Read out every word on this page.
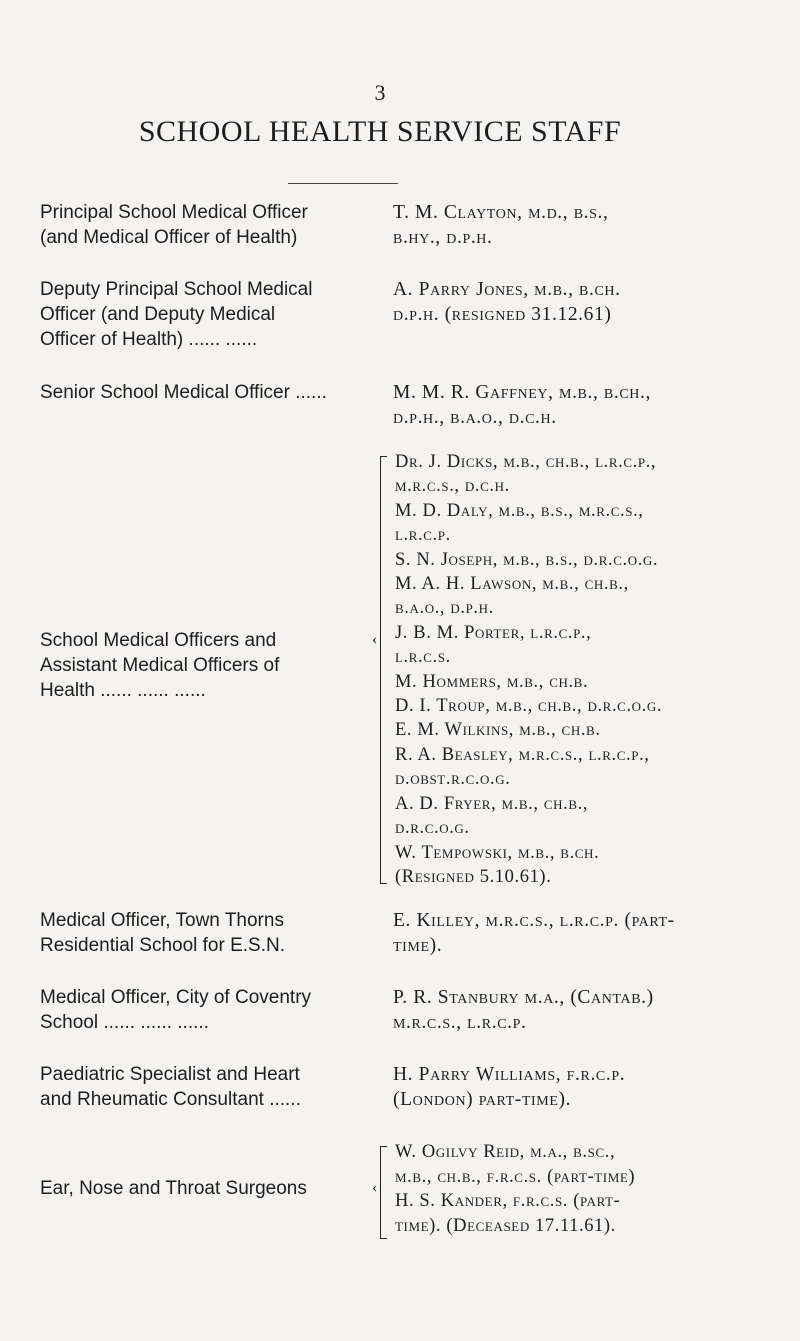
3
SCHOOL HEALTH SERVICE STAFF
Principal School Medical Officer
(and Medical Officer of Health)
T. M. Clayton, m.d., b.s.,
b.hy., d.p.h.
Deputy Principal School Medical
Officer (and Deputy Medical
Officer of Health) ...... ......
A. Parry Jones, m.b., b.ch.
d.p.h. (resigned 31.12.61)
Senior School Medical Officer ......	M. M. R. Gaffney, m.b., b.ch.,
d.p.h., b.a.o., d.c.h.
School Medical Officers and
Assistant Medical Officers of
Health ...... ...... ......
‹
Dr. J. Dicks, m.b., ch.b., l.r.c.p.,
m.r.c.s., d.c.h.
M. D. Daly, m.b., b.s., m.r.c.s.,
l.r.c.p.
S. N. Joseph, m.b., b.s., d.r.c.o.g.
M. A. H. Lawson, m.b., ch.b.,
b.a.o., d.p.h.
J. B. M. Porter, l.r.c.p.,
l.r.c.s.
M. Hommers, m.b., ch.b.
D. I. Troup, m.b., ch.b., d.r.c.o.g.
E. M. Wilkins, m.b., ch.b.
R. A. Beasley, m.r.c.s., l.r.c.p.,
d.obst.r.c.o.g.
A. D. Fryer, m.b., ch.b.,
d.r.c.o.g.
W. Tempowski, m.b., b.ch.
(Resigned 5.10.61).
Medical Officer, Town Thorns
Residential School for E.S.N.
E. Killey, m.r.c.s., l.r.c.p. (part-
time).
Medical Officer, City of Coventry
School ...... ...... ......
P. R. Stanbury m.a., (Cantab.)
m.r.c.s., l.r.c.p.
Paediatric Specialist and Heart
and Rheumatic Consultant ......
H. Parry Williams, f.r.c.p.
(London) part-time).
Ear, Nose and Throat Surgeons	‹
W. Ogilvy Reid, m.a., b.sc.,
m.b., ch.b., f.r.c.s. (part-time)
H. S. Kander, f.r.c.s. (part-
time). (Deceased 17.11.61).
